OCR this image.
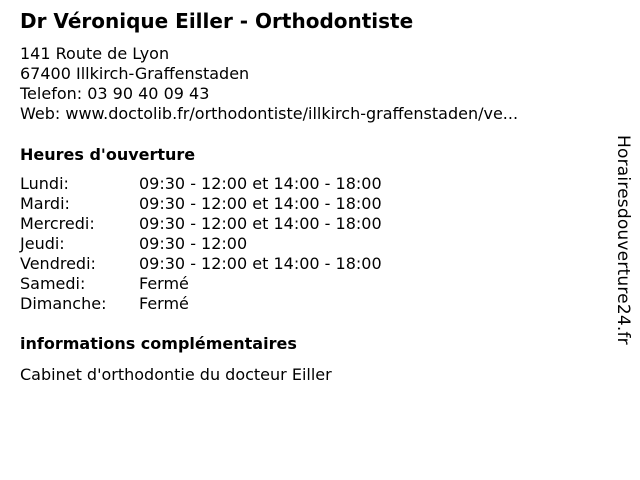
Dr Véronique Eiller - Orthodontiste
141 Route de Lyon
67400 Illkirch-Graffenstaden
Telefon: 03 90 40 09 43
Web: www.doctolib.fr/orthodontiste/illkirch-graffenstaden/ve...
Heures d'ouverture
Lundi:	09:30 - 12:00 et 14:00 - 18:00
Mardi:	09:30 - 12:00 et 14:00 - 18:00
Mercredi:	09:30 - 12:00 et 14:00 - 18:00
Jeudi:	09:30 - 12:00
Vendredi:	09:30 - 12:00 et 14:00 - 18:00
Samedi:	Fermé
Dimanche:	Fermé
informations complémentaires
Cabinet d'orthodontie du docteur Eiller
Horairesdouverture24.fr
